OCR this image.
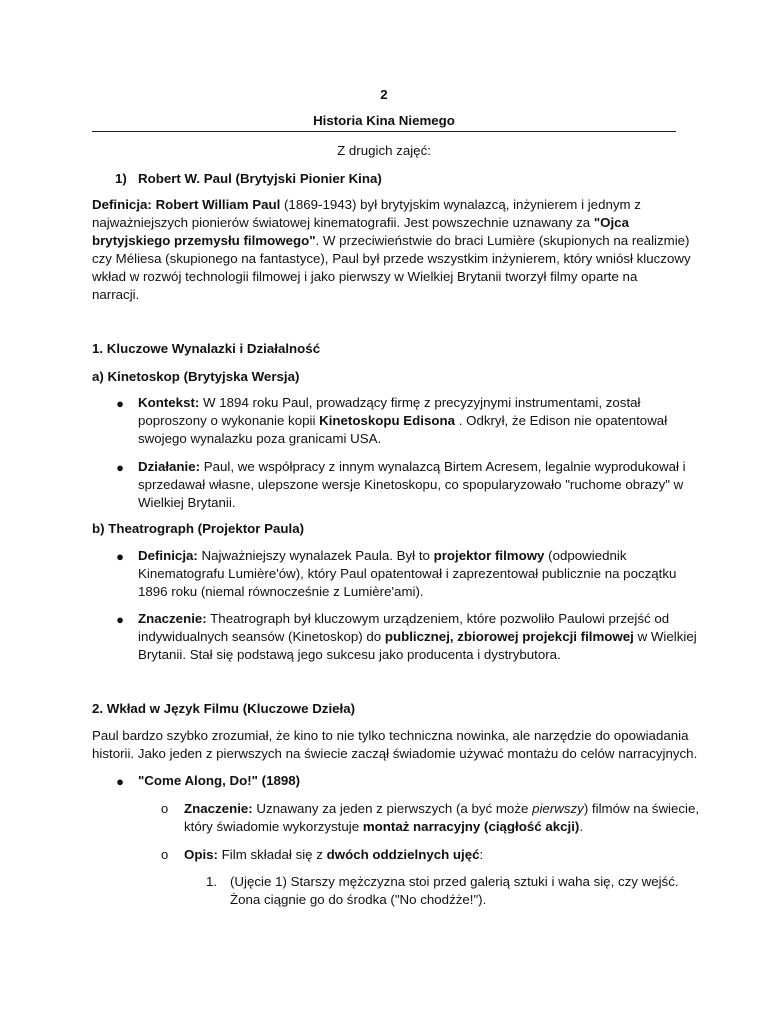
2
Historia Kina Niemego
Z drugich zajęć:
1) Robert W. Paul (Brytyjski Pionier Kina)
Definicja: Robert William Paul (1869-1943) był brytyjskim wynalazcą, inżynierem i jednym z
najważniejszych pionierów światowej kinematografii. Jest powszechnie uznawany za "Ojca
brytyjskiego przemysłu filmowego". W przeciwieństwie do braci Lumière (skupionych na realizmie)
czy Méliesa (skupionego na fantastyce), Paul był przede wszystkim inżynierem, który wniósł kluczowy
wkład w rozwój technologii filmowej i jako pierwszy w Wielkiej Brytanii tworzył filmy oparte na
narracji.
1. Kluczowe Wynalazki i Działalność
a) Kinetoskop (Brytyjska Wersja)
● Kontekst: W 1894 roku Paul, prowadzący firmę z precyzyjnymi instrumentami, został
poproszony o wykonanie kopii Kinetoskopu Edisona . Odkrył, że Edison nie opatentował
swojego wynalazku poza granicami USA.
● Działanie: Paul, we współpracy z innym wynalazcą Birtem Acresem, legalnie wyprodukował i
sprzedawał własne, ulepszone wersje Kinetoskopu, co spopularyzowało "ruchome obrazy" w
Wielkiej Brytanii.
b) Theatrograph (Projektor Paula)
● Definicja: Najważniejszy wynalazek Paula. Był to projektor filmowy (odpowiednik
Kinematografu Lumière'ów), który Paul opatentował i zaprezentował publicznie na początku
1896 roku (niemal równocześnie z Lumière'ami).
● Znaczenie: Theatrograph był kluczowym urządzeniem, które pozwoliło Paulowi przejść od
indywidualnych seansów (Kinetoskop) do publicznej, zbiorowej projekcji filmowej w Wielkiej
Brytanii. Stał się podstawą jego sukcesu jako producenta i dystrybutora.
2. Wkład w Język Filmu (Kluczowe Dzieła)
Paul bardzo szybko zrozumiał, że kino to nie tylko techniczna nowinka, ale narzędzie do opowiadania
historii. Jako jeden z pierwszych na świecie zaczął świadomie używać montażu do celów narracyjnych.
● "Come Along, Do!" (1898)
o Znaczenie: Uznawany za jeden z pierwszych (a być może pierwszy) filmów na świecie,
który świadomie wykorzystuje montaż narracyjny (ciągłość akcji).
o Opis: Film składał się z dwóch oddzielnych ujęć:
1. (Ujęcie 1) Starszy mężczyzna stoi przed galerią sztuki i waha się, czy wejść.
Żona ciągnie go do środka ("No chodźże!").
